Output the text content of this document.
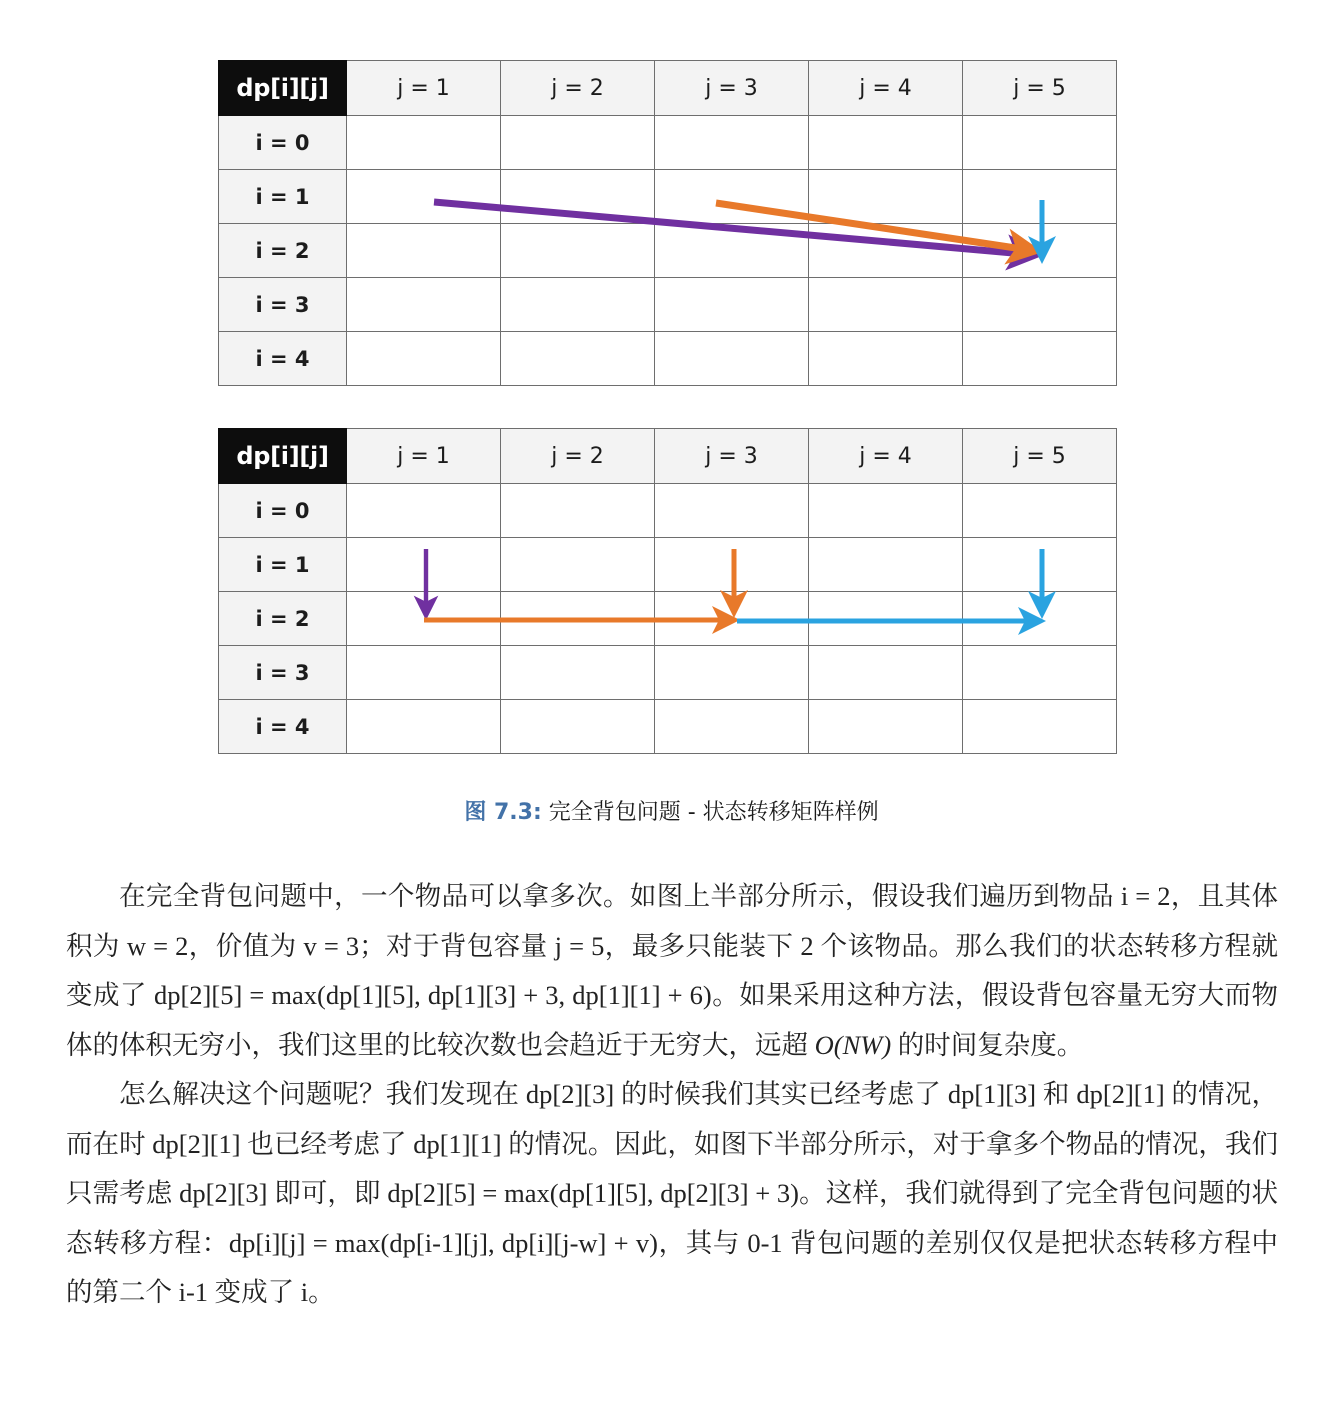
dp[i][j]	j = 1	j = 2	j = 3	j = 4	j = 5
i = 0					
i = 1					
i = 2					
i = 3					
i = 4					
dp[i][j]	j = 1	j = 2	j = 3	j = 4	j = 5
i = 0					
i = 1					
i = 2					
i = 3					
i = 4					
图 7.3: 完全背包问题 - 状态转移矩阵样例

在完全背包问题中，一个物品可以拿多次。如图上半部分所示，假设我们遍历到物品 i = 2，且其体积为 w = 2，价值为 v = 3；对于背包容量 j = 5，最多只能装下 2 个该物品。那么我们的状态转移方程就变成了 dp[2][5] = max(dp[1][5], dp[1][3] + 3, dp[1][1] + 6)。如果采用这种方法，假设背包容量无穷大而物体的体积无穷小，我们这里的比较次数也会趋近于无穷大，远超 O(NW) 的时间复杂度。

怎么解决这个问题呢？我们发现在 dp[2][3] 的时候我们其实已经考虑了 dp[1][3] 和 dp[2][1] 的情况，而在时 dp[2][1] 也已经考虑了 dp[1][1] 的情况。因此，如图下半部分所示，对于拿多个物品的情况，我们只需考虑 dp[2][3] 即可，即 dp[2][5] = max(dp[1][5], dp[2][3] + 3)。这样，我们就得到了完全背包问题的状态转移方程：dp[i][j] = max(dp[i-1][j], dp[i][j-w] + v)，其与 0-1 背包问题的差别仅仅是把状态转移方程中的第二个 i-1 变成了 i。
